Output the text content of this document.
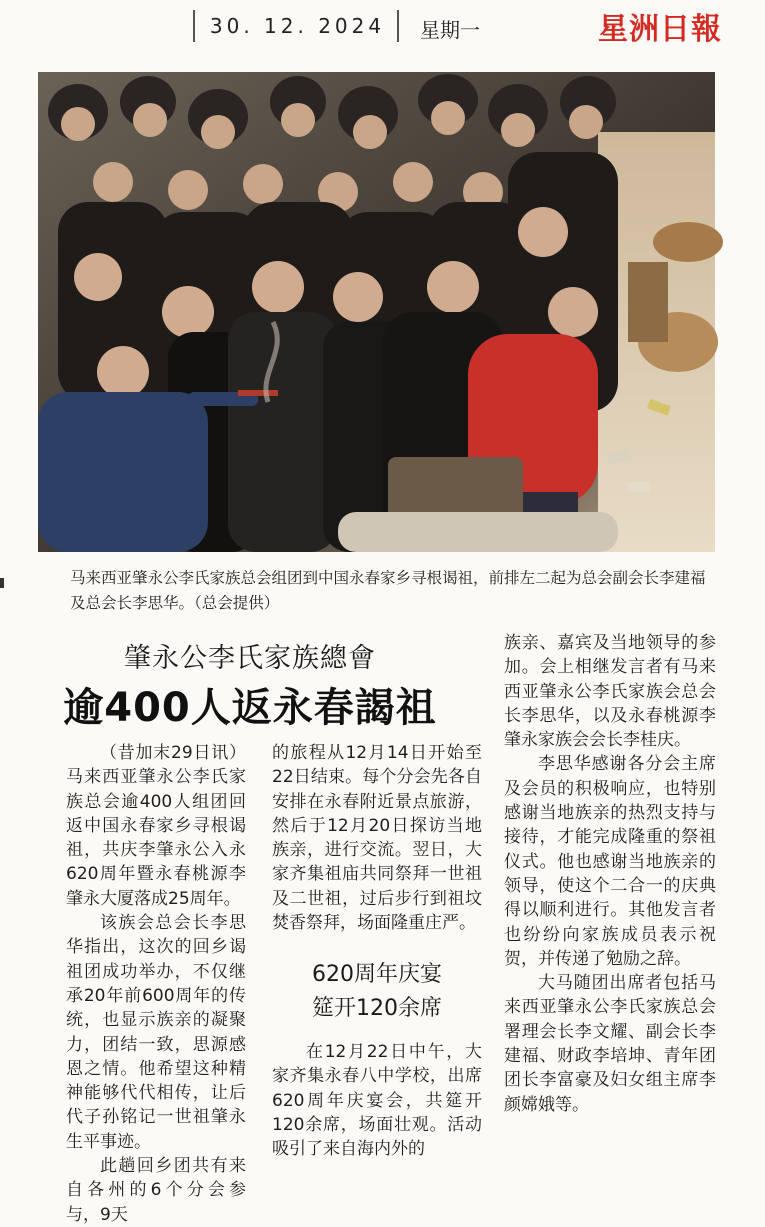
30. 12. 2024 星期一	星洲日報
马来西亚肇永公李氏家族总会组团到中国永春家乡寻根谒祖，前排左二起为总会副会长李建福及总会长李思华。（总会提供）
肇永公李氏家族總會
逾400人返永春謁祖

（昔加末29日讯）马来西亚肇永公李氏家族总会逾400人组团回返中国永春家乡寻根谒祖，共庆李肇永公入永620周年暨永春桃源李肇永大厦落成25周年。

该族会总会长李思华指出，这次的回乡谒祖团成功举办，不仅继承20年前600周年的传统，也显示族亲的凝聚力，团结一致，思源感恩之情。他希望这种精神能够代代相传，让后代子孙铭记一世祖肇永生平事迹。

此趟回乡团共有来自各州的6个分会参与，9天

的旅程从12月14日开始至22日结束。每个分会先各自安排在永春附近景点旅游，然后于12月20日探访当地族亲，进行交流。翌日，大家齐集祖庙共同祭拜一世祖及二世祖，过后步行到祖坟焚香祭拜，场面隆重庄严。

620周年庆宴
筵开120余席

在12月22日中午，大家齐集永春八中学校，出席620周年庆宴会，共筵开120余席，场面壮观。活动吸引了来自海内外的

族亲、嘉宾及当地领导的参加。会上相继发言者有马来西亚肇永公李氏家族会总会长李思华，以及永春桃源李肇永家族会会长李桂庆。

李思华感谢各分会主席及会员的积极响应，也特别感谢当地族亲的热烈支持与接待，才能完成隆重的祭祖仪式。他也感谢当地族亲的领导，使这个二合一的庆典得以顺利进行。其他发言者也纷纷向家族成员表示祝贺，并传递了勉励之辞。

大马随团出席者包括马来西亚肇永公李氏家族总会署理会长李文耀、副会长李建福、财政李培坤、青年团团长李富豪及妇女组主席李颜嫦娥等。
